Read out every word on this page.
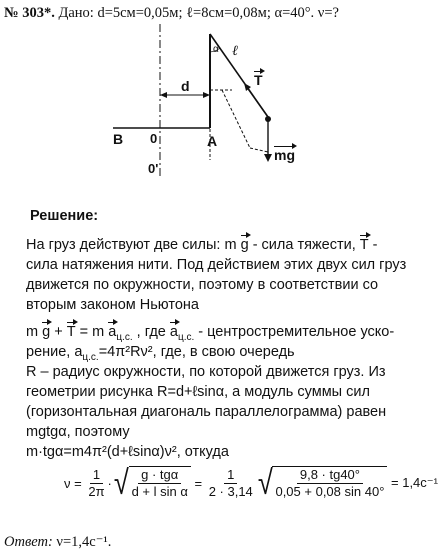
№ 303*. Дано: d=5см=0,05м; ℓ=8см=0,08м; α=40°. ν=?
α ℓ
d	T
B 0	A
0'
mg
Решение:
На груз действуют две силы: m g - сила тяжести, T -
сила натяжения нити. Под действием этих двух сил груз
движется по окружности, поэтому в соответствии со
вторым законом Ньютона
m g + T = m $a_{ц.с.}$ , где $a_{ц.с.}$ - центростремительное уско-
рение, $a_{ц.с.}=4\pi^2R\nu^2$, где, в свою очередь
R – радиус окружности, по которой движется груз. Из
геометрии рисунка R=d+ℓsinα, а модуль суммы сил
(горизонтальная диагональ параллелограмма) равен
mgtgα, поэтому
m·tgα=m4π²(d+ℓsinα)ν², откуда
ν =
$\frac{1}{2\pi}$ · √ $\frac{\text{g · tgα}}{\text{d + l sin α}}$
=
$\frac{1}{2 \cdot 3,14}$ √ $\frac{9,8 \cdot tg40^\circ}{0,05 + 0,08 \sin 40^\circ}$
= 1,4с⁻¹
Ответ: ν=1,4с⁻¹.
